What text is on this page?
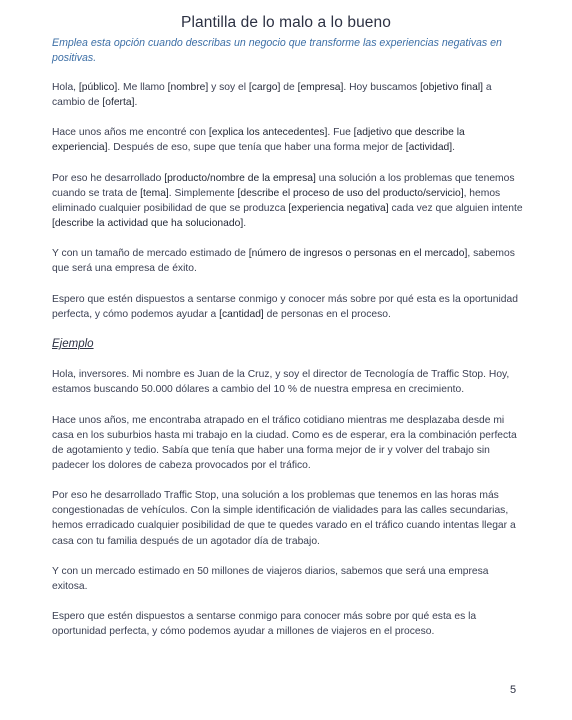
Plantilla de lo malo a lo bueno
Emplea esta opción cuando describas un negocio que transforme las experiencias negativas en positivas.

Hola, [público]. Me llamo [nombre] y soy el [cargo] de [empresa]. Hoy buscamos [objetivo final] a cambio de [oferta].

Hace unos años me encontré con [explica los antecedentes]. Fue [adjetivo que describe la experiencia]. Después de eso, supe que tenía que haber una forma mejor de [actividad].

Por eso he desarrollado [producto/nombre de la empresa] una solución a los problemas que tenemos cuando se trata de [tema]. Simplemente [describe el proceso de uso del producto/servicio], hemos eliminado cualquier posibilidad de que se produzca [experiencia negativa] cada vez que alguien intente [describe la actividad que ha solucionado].

Y con un tamaño de mercado estimado de [número de ingresos o personas en el mercado], sabemos que será una empresa de éxito.

Espero que estén dispuestos a sentarse conmigo y conocer más sobre por qué esta es la oportunidad perfecta, y cómo podemos ayudar a [cantidad] de personas en el proceso.

Ejemplo

Hola, inversores. Mi nombre es Juan de la Cruz, y soy el director de Tecnología de Traffic Stop. Hoy, estamos buscando 50.000 dólares a cambio del 10 % de nuestra empresa en crecimiento.

Hace unos años, me encontraba atrapado en el tráfico cotidiano mientras me desplazaba desde mi casa en los suburbios hasta mi trabajo en la ciudad. Como es de esperar, era la combinación perfecta de agotamiento y tedio. Sabía que tenía que haber una forma mejor de ir y volver del trabajo sin padecer los dolores de cabeza provocados por el tráfico.

Por eso he desarrollado Traffic Stop, una solución a los problemas que tenemos en las horas más congestionadas de vehículos. Con la simple identificación de vialidades para las calles secundarias, hemos erradicado cualquier posibilidad de que te quedes varado en el tráfico cuando intentas llegar a casa con tu familia después de un agotador día de trabajo.

Y con un mercado estimado en 50 millones de viajeros diarios, sabemos que será una empresa exitosa.

Espero que estén dispuestos a sentarse conmigo para conocer más sobre por qué esta es la oportunidad perfecta, y cómo podemos ayudar a millones de viajeros en el proceso.

5
